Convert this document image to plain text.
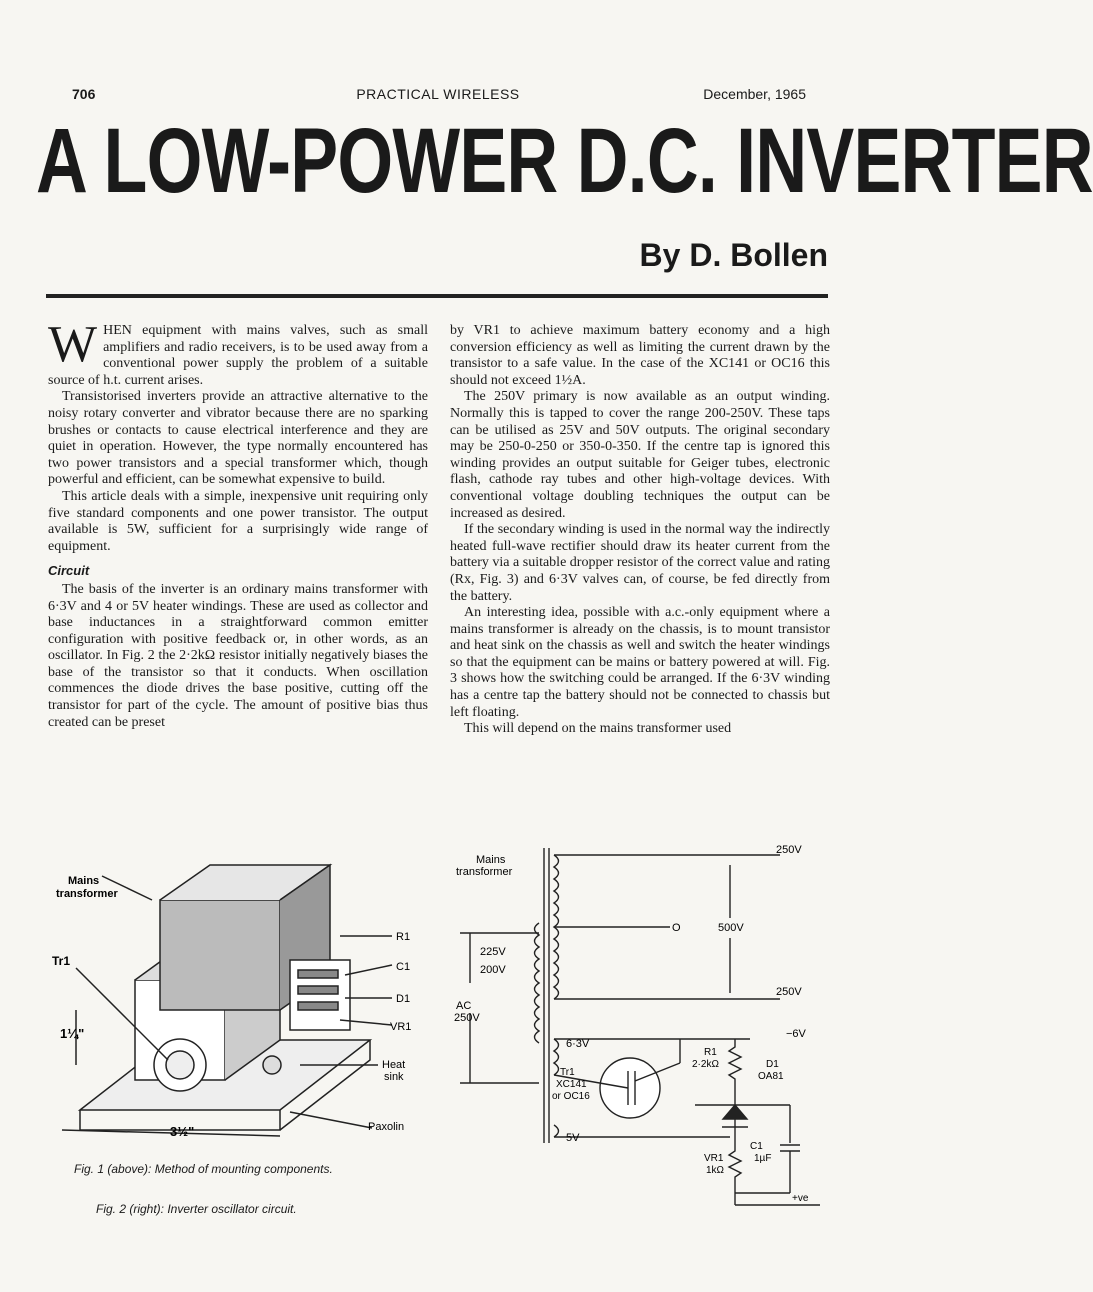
706	PRACTICAL WIRELESS	December, 1965
A LOW-POWER D.C. INVERTER
By D. Bollen

WHEN equipment with mains valves, such as small amplifiers and radio receivers, is to be used away from a conventional power supply the problem of a suitable source of h.t. current arises.

Transistorised inverters provide an attractive alternative to the noisy rotary converter and vibrator because there are no sparking brushes or contacts to cause electrical interference and they are quiet in operation. However, the type normally encountered has two power transistors and a special transformer which, though powerful and efficient, can be somewhat expensive to build.

This article deals with a simple, inexpensive unit requiring only five standard components and one power transistor. The output available is 5W, sufficient for a surprisingly wide range of equipment.

Circuit

The basis of the inverter is an ordinary mains transformer with 6·3V and 4 or 5V heater windings. These are used as collector and base inductances in a straightforward common emitter configuration with positive feedback or, in other words, as an oscillator. In Fig. 2 the 2·2kΩ resistor initially negatively biases the base of the transistor so that it conducts. When oscillation commences the diode drives the base positive, cutting off the transistor for part of the cycle. The amount of positive bias thus created can be preset

by VR1 to achieve maximum battery economy and a high conversion efficiency as well as limiting the current drawn by the transistor to a safe value. In the case of the XC141 or OC16 this should not exceed 1½A.

The 250V primary is now available as an output winding. Normally this is tapped to cover the range 200-250V. These taps can be utilised as 25V and 50V outputs. The original secondary may be 250-0-250 or 350-0-350. If the centre tap is ignored this winding provides an output suitable for Geiger tubes, electronic flash, cathode ray tubes and other high-voltage devices. With conventional voltage doubling techniques the output can be increased as desired.

If the secondary winding is used in the normal way the indirectly heated full-wave rectifier should draw its heater current from the battery via a suitable dropper resistor of the correct value and rating (Rx, Fig. 3) and 6·3V valves can, of course, be fed directly from the battery.

An interesting idea, possible with a.c.-only equipment where a mains transformer is already on the chassis, is to mount transistor and heat sink on the chassis as well and switch the heater windings so that the equipment can be mains or battery powered at will. Fig. 3 shows how the switching could be arranged. If the 6·3V winding has a centre tap the battery should not be connected to chassis but left floating.

This will depend on the mains transformer used

Mains
transformer
Tr1
R1
C1
D1
VR1
Heat
sink
Paxolin
1¼"
3½"
Fig. 1 (above): Method of mounting components.
Mains
transformer
250V
O	500V
250V
225V
200V
AC
250V
6·3V
5V
−6V
R1
2·2kΩ	D1
OA81
Tr1
XC141
or OC16
C1
1µF
VR1
1kΩ
+ve
Fig. 2 (right): Inverter oscillator circuit.
